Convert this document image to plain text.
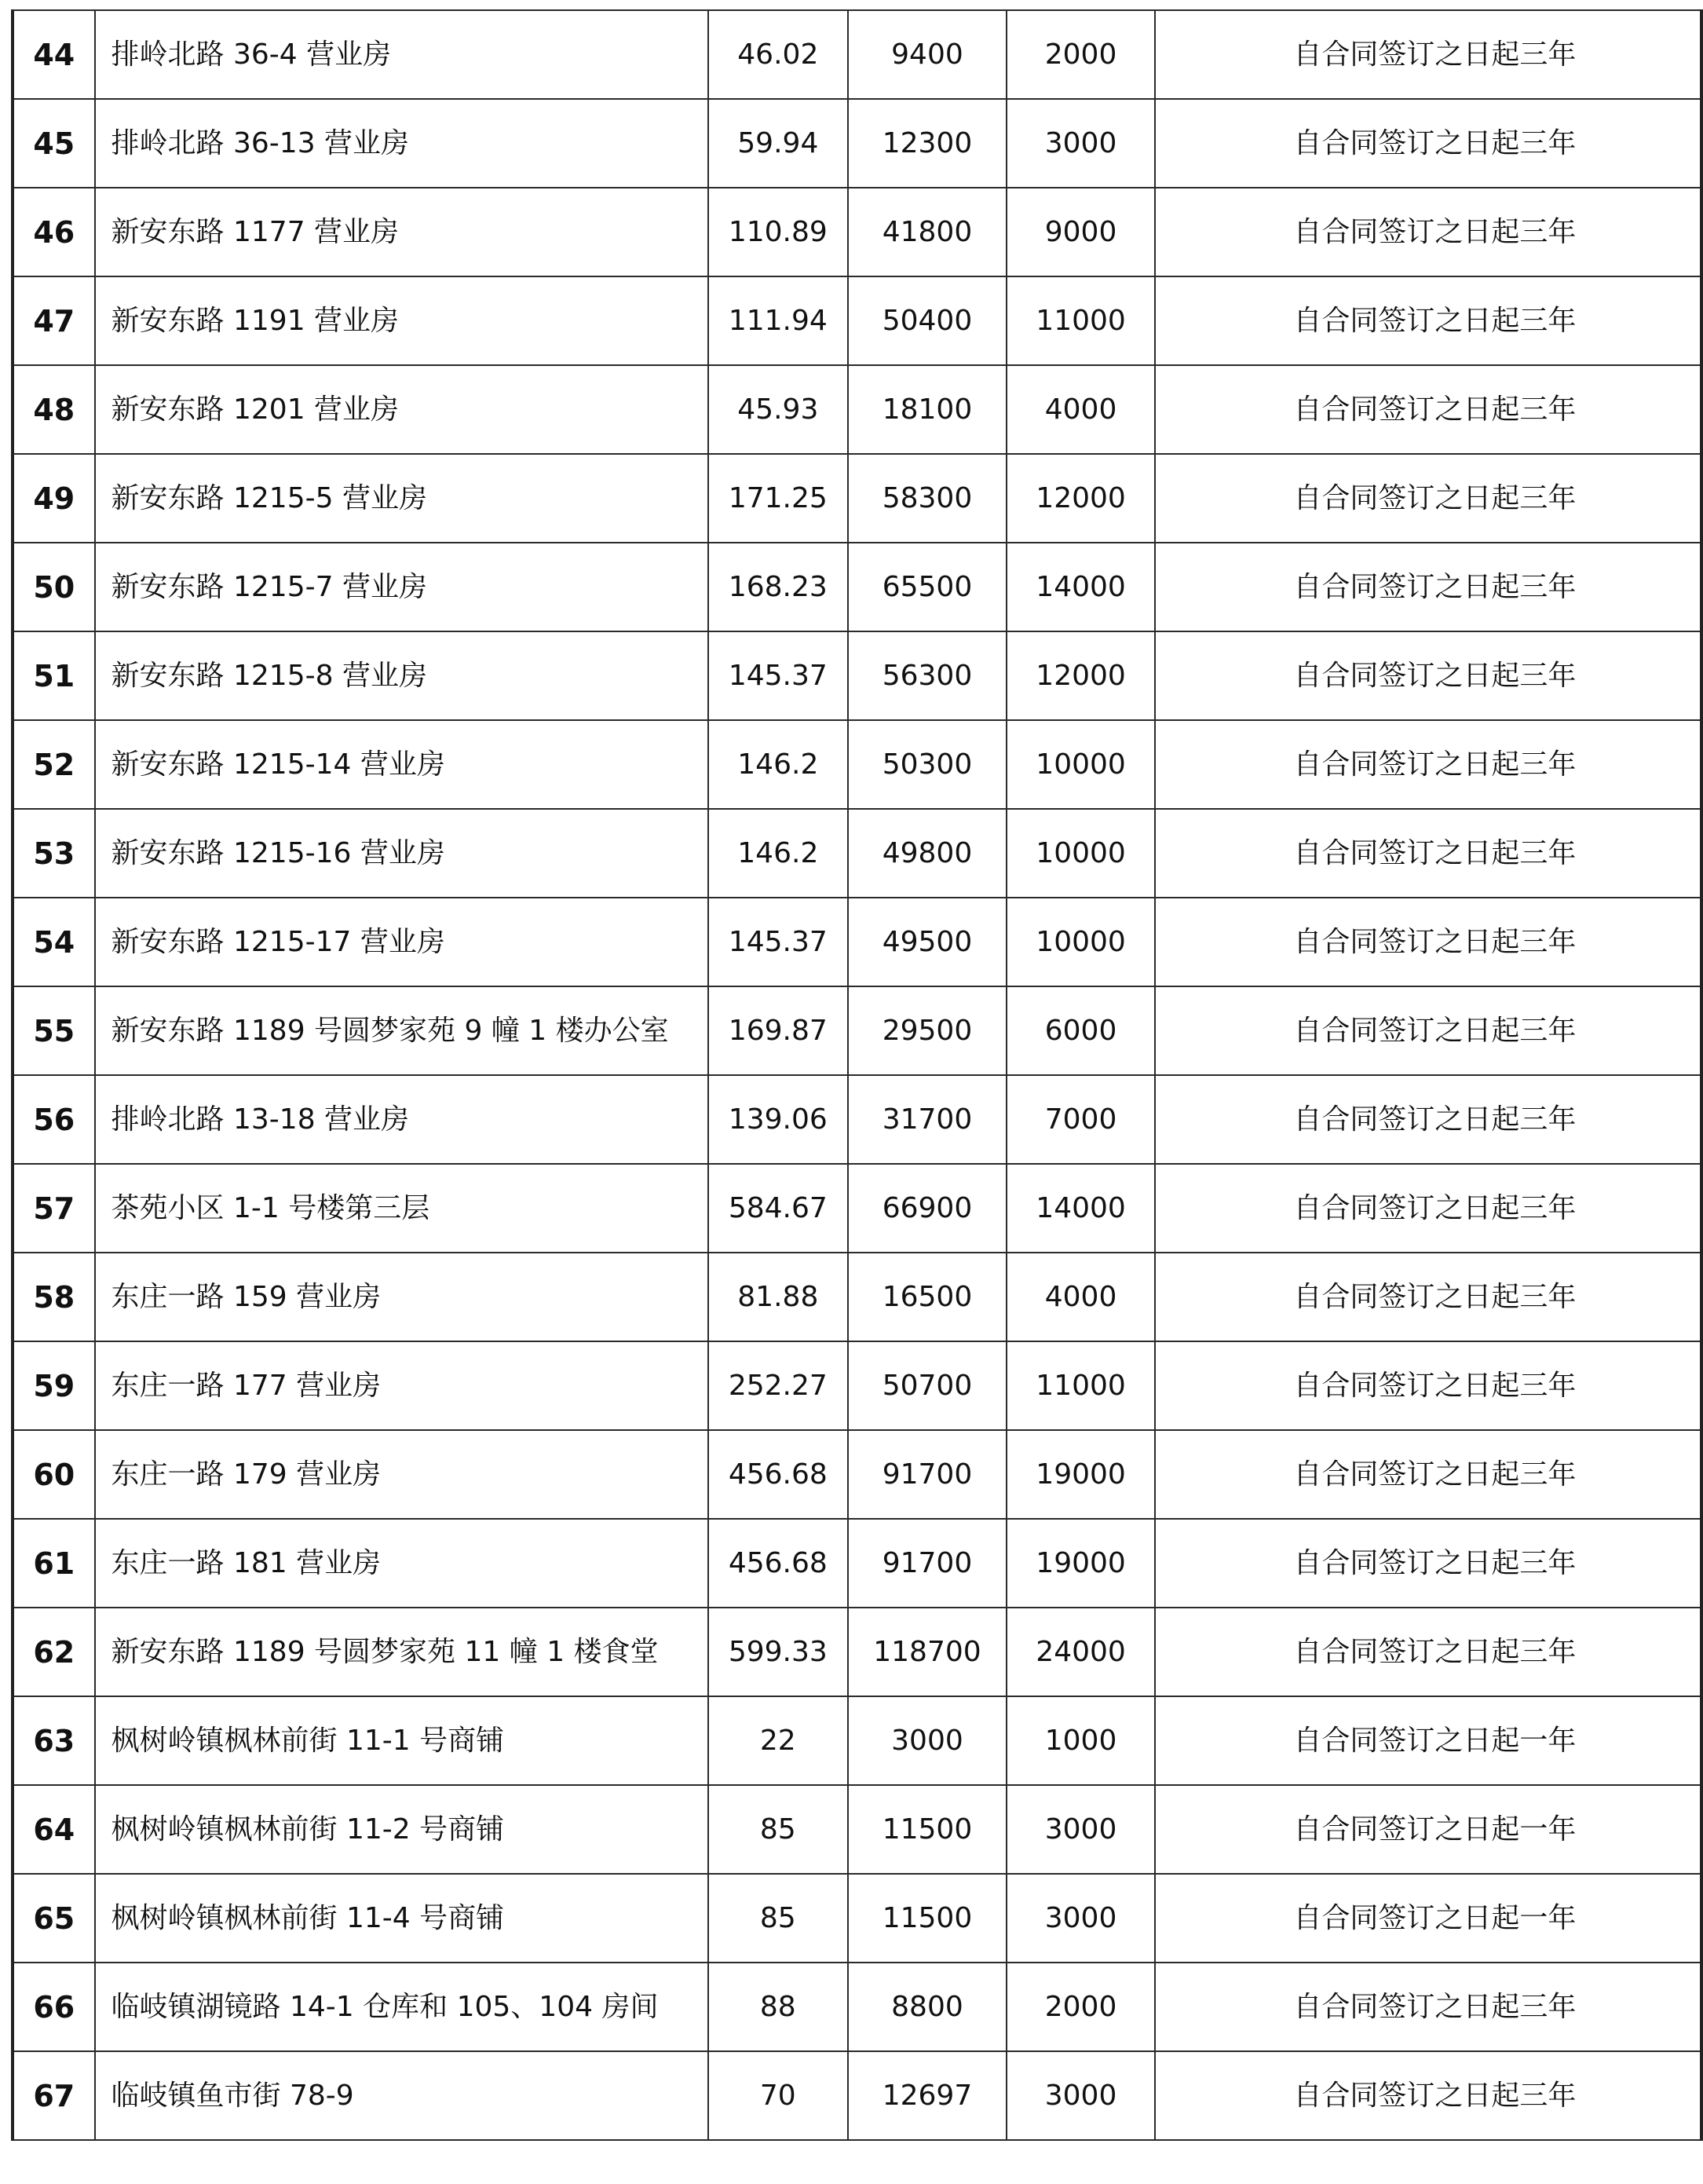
44	排岭北路 36-4 营业房	46.02	9400	2000	自合同签订之日起三年
45	排岭北路 36-13 营业房	59.94	12300	3000	自合同签订之日起三年
46	新安东路 1177 营业房	110.89	41800	9000	自合同签订之日起三年
47	新安东路 1191 营业房	111.94	50400	11000	自合同签订之日起三年
48	新安东路 1201 营业房	45.93	18100	4000	自合同签订之日起三年
49	新安东路 1215-5 营业房	171.25	58300	12000	自合同签订之日起三年
50	新安东路 1215-7 营业房	168.23	65500	14000	自合同签订之日起三年
51	新安东路 1215-8 营业房	145.37	56300	12000	自合同签订之日起三年
52	新安东路 1215-14 营业房	146.2	50300	10000	自合同签订之日起三年
53	新安东路 1215-16 营业房	146.2	49800	10000	自合同签订之日起三年
54	新安东路 1215-17 营业房	145.37	49500	10000	自合同签订之日起三年
55	新安东路 1189 号圆梦家苑 9 幢 1 楼办公室	169.87	29500	6000	自合同签订之日起三年
56	排岭北路 13-18 营业房	139.06	31700	7000	自合同签订之日起三年
57	茶苑小区 1-1 号楼第三层	584.67	66900	14000	自合同签订之日起三年
58	东庄一路 159 营业房	81.88	16500	4000	自合同签订之日起三年
59	东庄一路 177 营业房	252.27	50700	11000	自合同签订之日起三年
60	东庄一路 179 营业房	456.68	91700	19000	自合同签订之日起三年
61	东庄一路 181 营业房	456.68	91700	19000	自合同签订之日起三年
62	新安东路 1189 号圆梦家苑 11 幢 1 楼食堂	599.33	118700	24000	自合同签订之日起三年
63	枫树岭镇枫林前街 11-1 号商铺	22	3000	1000	自合同签订之日起一年
64	枫树岭镇枫林前街 11-2 号商铺	85	11500	3000	自合同签订之日起一年
65	枫树岭镇枫林前街 11-4 号商铺	85	11500	3000	自合同签订之日起一年
66	临岐镇湖镜路 14-1 仓库和 105、104 房间	88	8800	2000	自合同签订之日起三年
67	临岐镇鱼市街 78-9	70	12697	3000	自合同签订之日起三年
